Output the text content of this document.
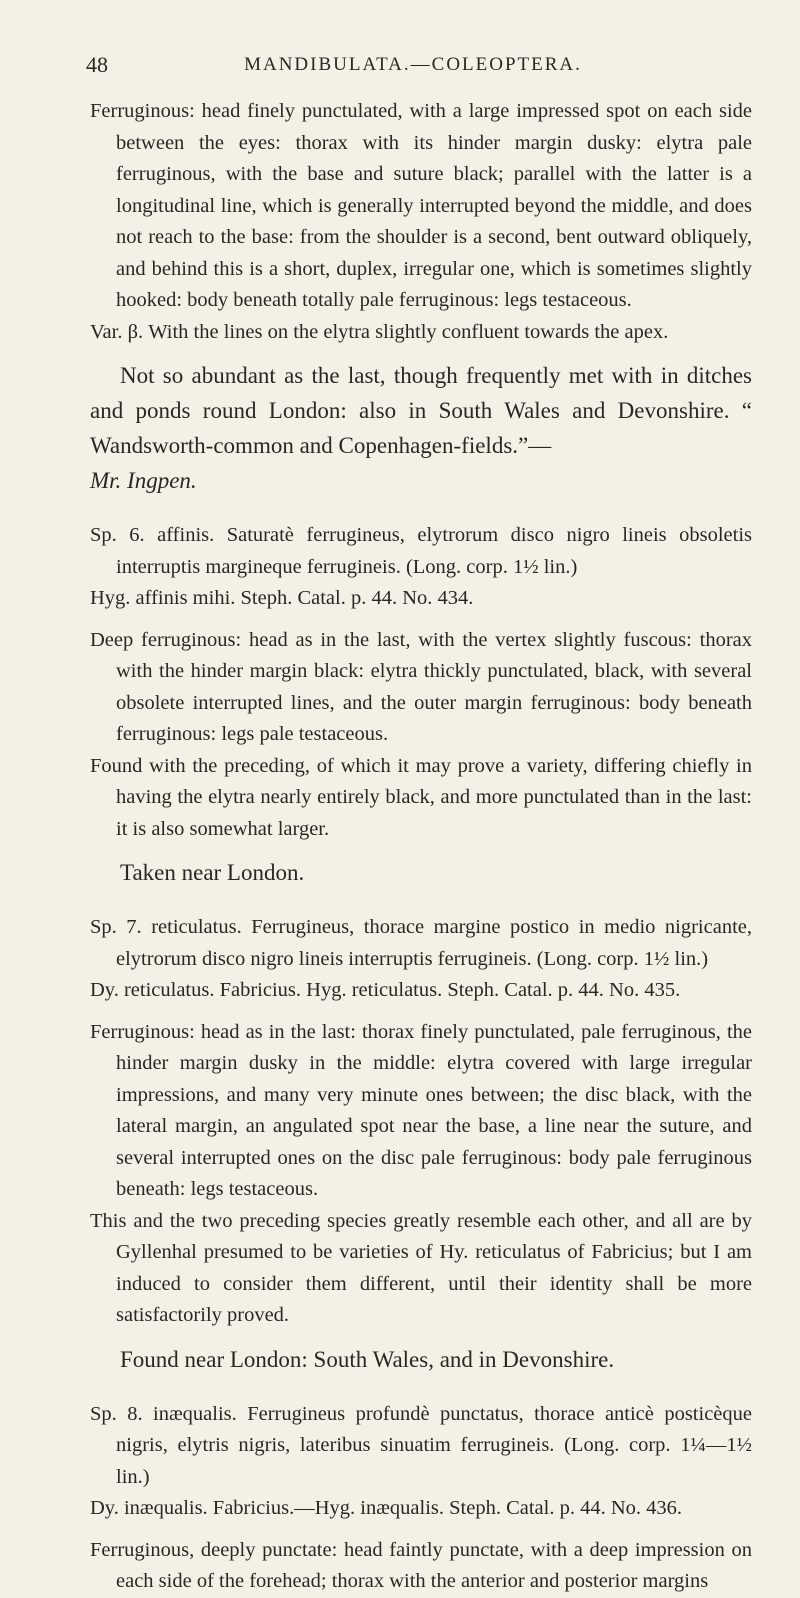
48	MANDIBULATA.—COLEOPTERA.

Ferruginous: head finely punctulated, with a large impressed spot on each side between the eyes: thorax with its hinder margin dusky: elytra pale ferruginous, with the base and suture black; parallel with the latter is a longitudinal line, which is generally interrupted beyond the middle, and does not reach to the base: from the shoulder is a second, bent outward obliquely, and behind this is a short, duplex, irregular one, which is sometimes slightly hooked: body beneath totally pale ferruginous: legs testaceous.

Var. β. With the lines on the elytra slightly confluent towards the apex.

Not so abundant as the last, though frequently met with in ditches and ponds round London: also in South Wales and Devonshire. “ Wandsworth-common and Copenhagen-fields.”—

Mr. Ingpen.

Sp. 6. affinis. Saturatè ferrugineus, elytrorum disco nigro lineis obsoletis interruptis margineque ferrugineis. (Long. corp. 1½ lin.)

Hyg. affinis mihi. Steph. Catal. p. 44. No. 434.

Deep ferruginous: head as in the last, with the vertex slightly fuscous: thorax with the hinder margin black: elytra thickly punctulated, black, with several obsolete interrupted lines, and the outer margin ferruginous: body beneath ferruginous: legs pale testaceous.

Found with the preceding, of which it may prove a variety, differing chiefly in having the elytra nearly entirely black, and more punctulated than in the last: it is also somewhat larger.

Taken near London.

Sp. 7. reticulatus. Ferrugineus, thorace margine postico in medio nigricante, elytrorum disco nigro lineis interruptis ferrugineis. (Long. corp. 1½ lin.)

Dy. reticulatus. Fabricius. Hyg. reticulatus. Steph. Catal. p. 44. No. 435.

Ferruginous: head as in the last: thorax finely punctulated, pale ferruginous, the hinder margin dusky in the middle: elytra covered with large irregular impressions, and many very minute ones between; the disc black, with the lateral margin, an angulated spot near the base, a line near the suture, and several interrupted ones on the disc pale ferruginous: body pale ferruginous beneath: legs testaceous.

This and the two preceding species greatly resemble each other, and all are by Gyllenhal presumed to be varieties of Hy. reticulatus of Fabricius; but I am induced to consider them different, until their identity shall be more satisfactorily proved.

Found near London: South Wales, and in Devonshire.

Sp. 8. inæqualis. Ferrugineus profundè punctatus, thorace anticè posticèque nigris, elytris nigris, lateribus sinuatim ferrugineis. (Long. corp. 1¼—1½ lin.)

Dy. inæqualis. Fabricius.—Hyg. inæqualis. Steph. Catal. p. 44. No. 436.

Ferruginous, deeply punctate: head faintly punctate, with a deep impression on each side of the forehead; thorax with the anterior and posterior margins
